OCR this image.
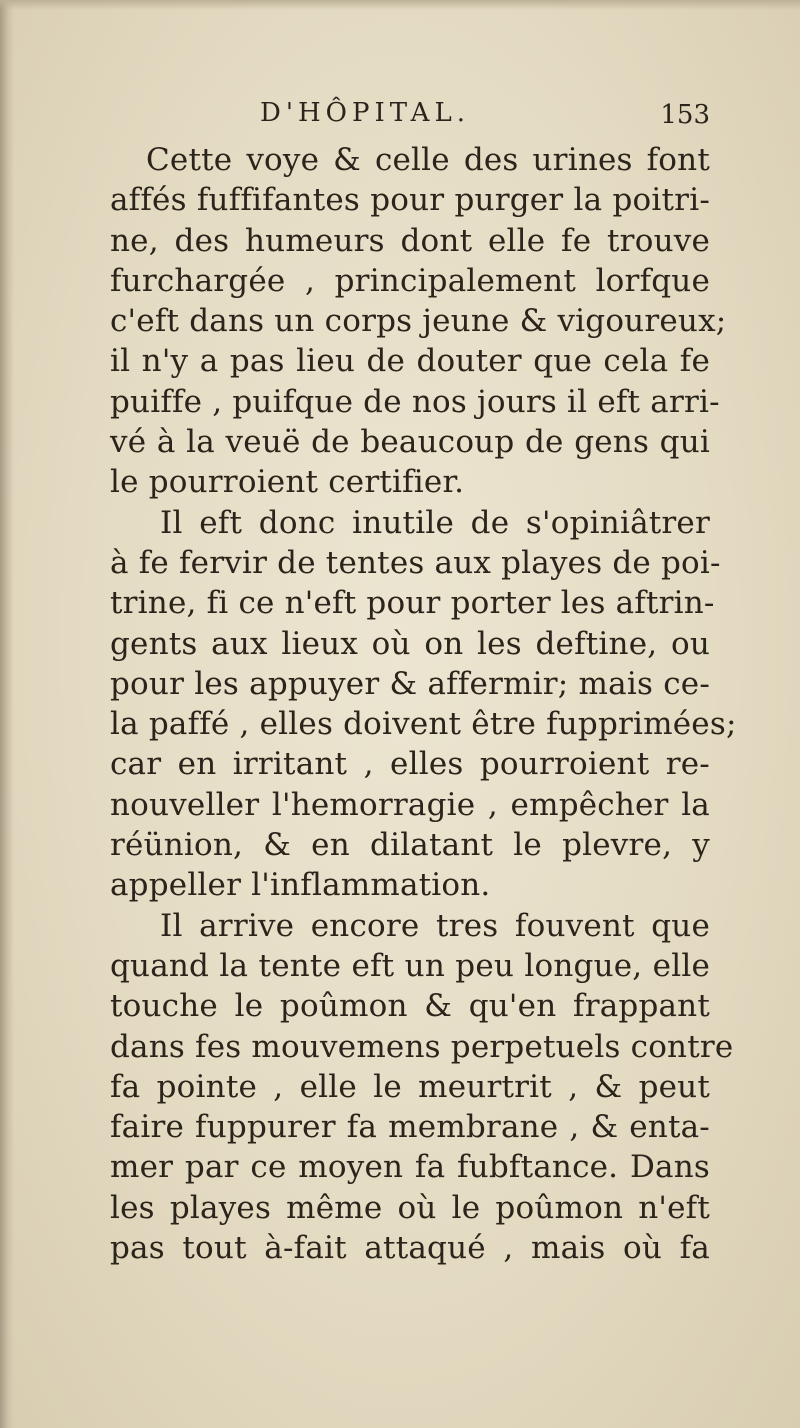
D'HÔPITAL.	153
Cette voye & celle des urines font
affés fuffifantes pour purger la poitri-
ne, des humeurs dont elle fe trouve
furchargée , principalement lorfque
c'eft dans un corps jeune & vigoureux;
il n'y a pas lieu de douter que cela fe
puiffe , puifque de nos jours il eft arri-
vé à la veuë de beaucoup de gens qui
le pourroient certifier.
Il eft donc inutile de s'opiniâtrer
à fe fervir de tentes aux playes de poi-
trine, fi ce n'eft pour porter les aftrin-
gents aux lieux où on les deftine, ou
pour les appuyer & affermir; mais ce-
la paffé , elles doivent être fupprimées;
car en irritant , elles pourroient re-
nouveller l'hemorragie , empêcher la
réünion, & en dilatant le plevre, y
appeller l'inflammation.
Il arrive encore tres fouvent que
quand la tente eft un peu longue, elle
touche le poûmon & qu'en frappant
dans fes mouvemens perpetuels contre
fa pointe , elle le meurtrit , & peut
faire fuppurer fa membrane , & enta-
mer par ce moyen fa fubftance. Dans
les playes même où le poûmon n'eft
pas tout à-fait attaqué , mais où fa
